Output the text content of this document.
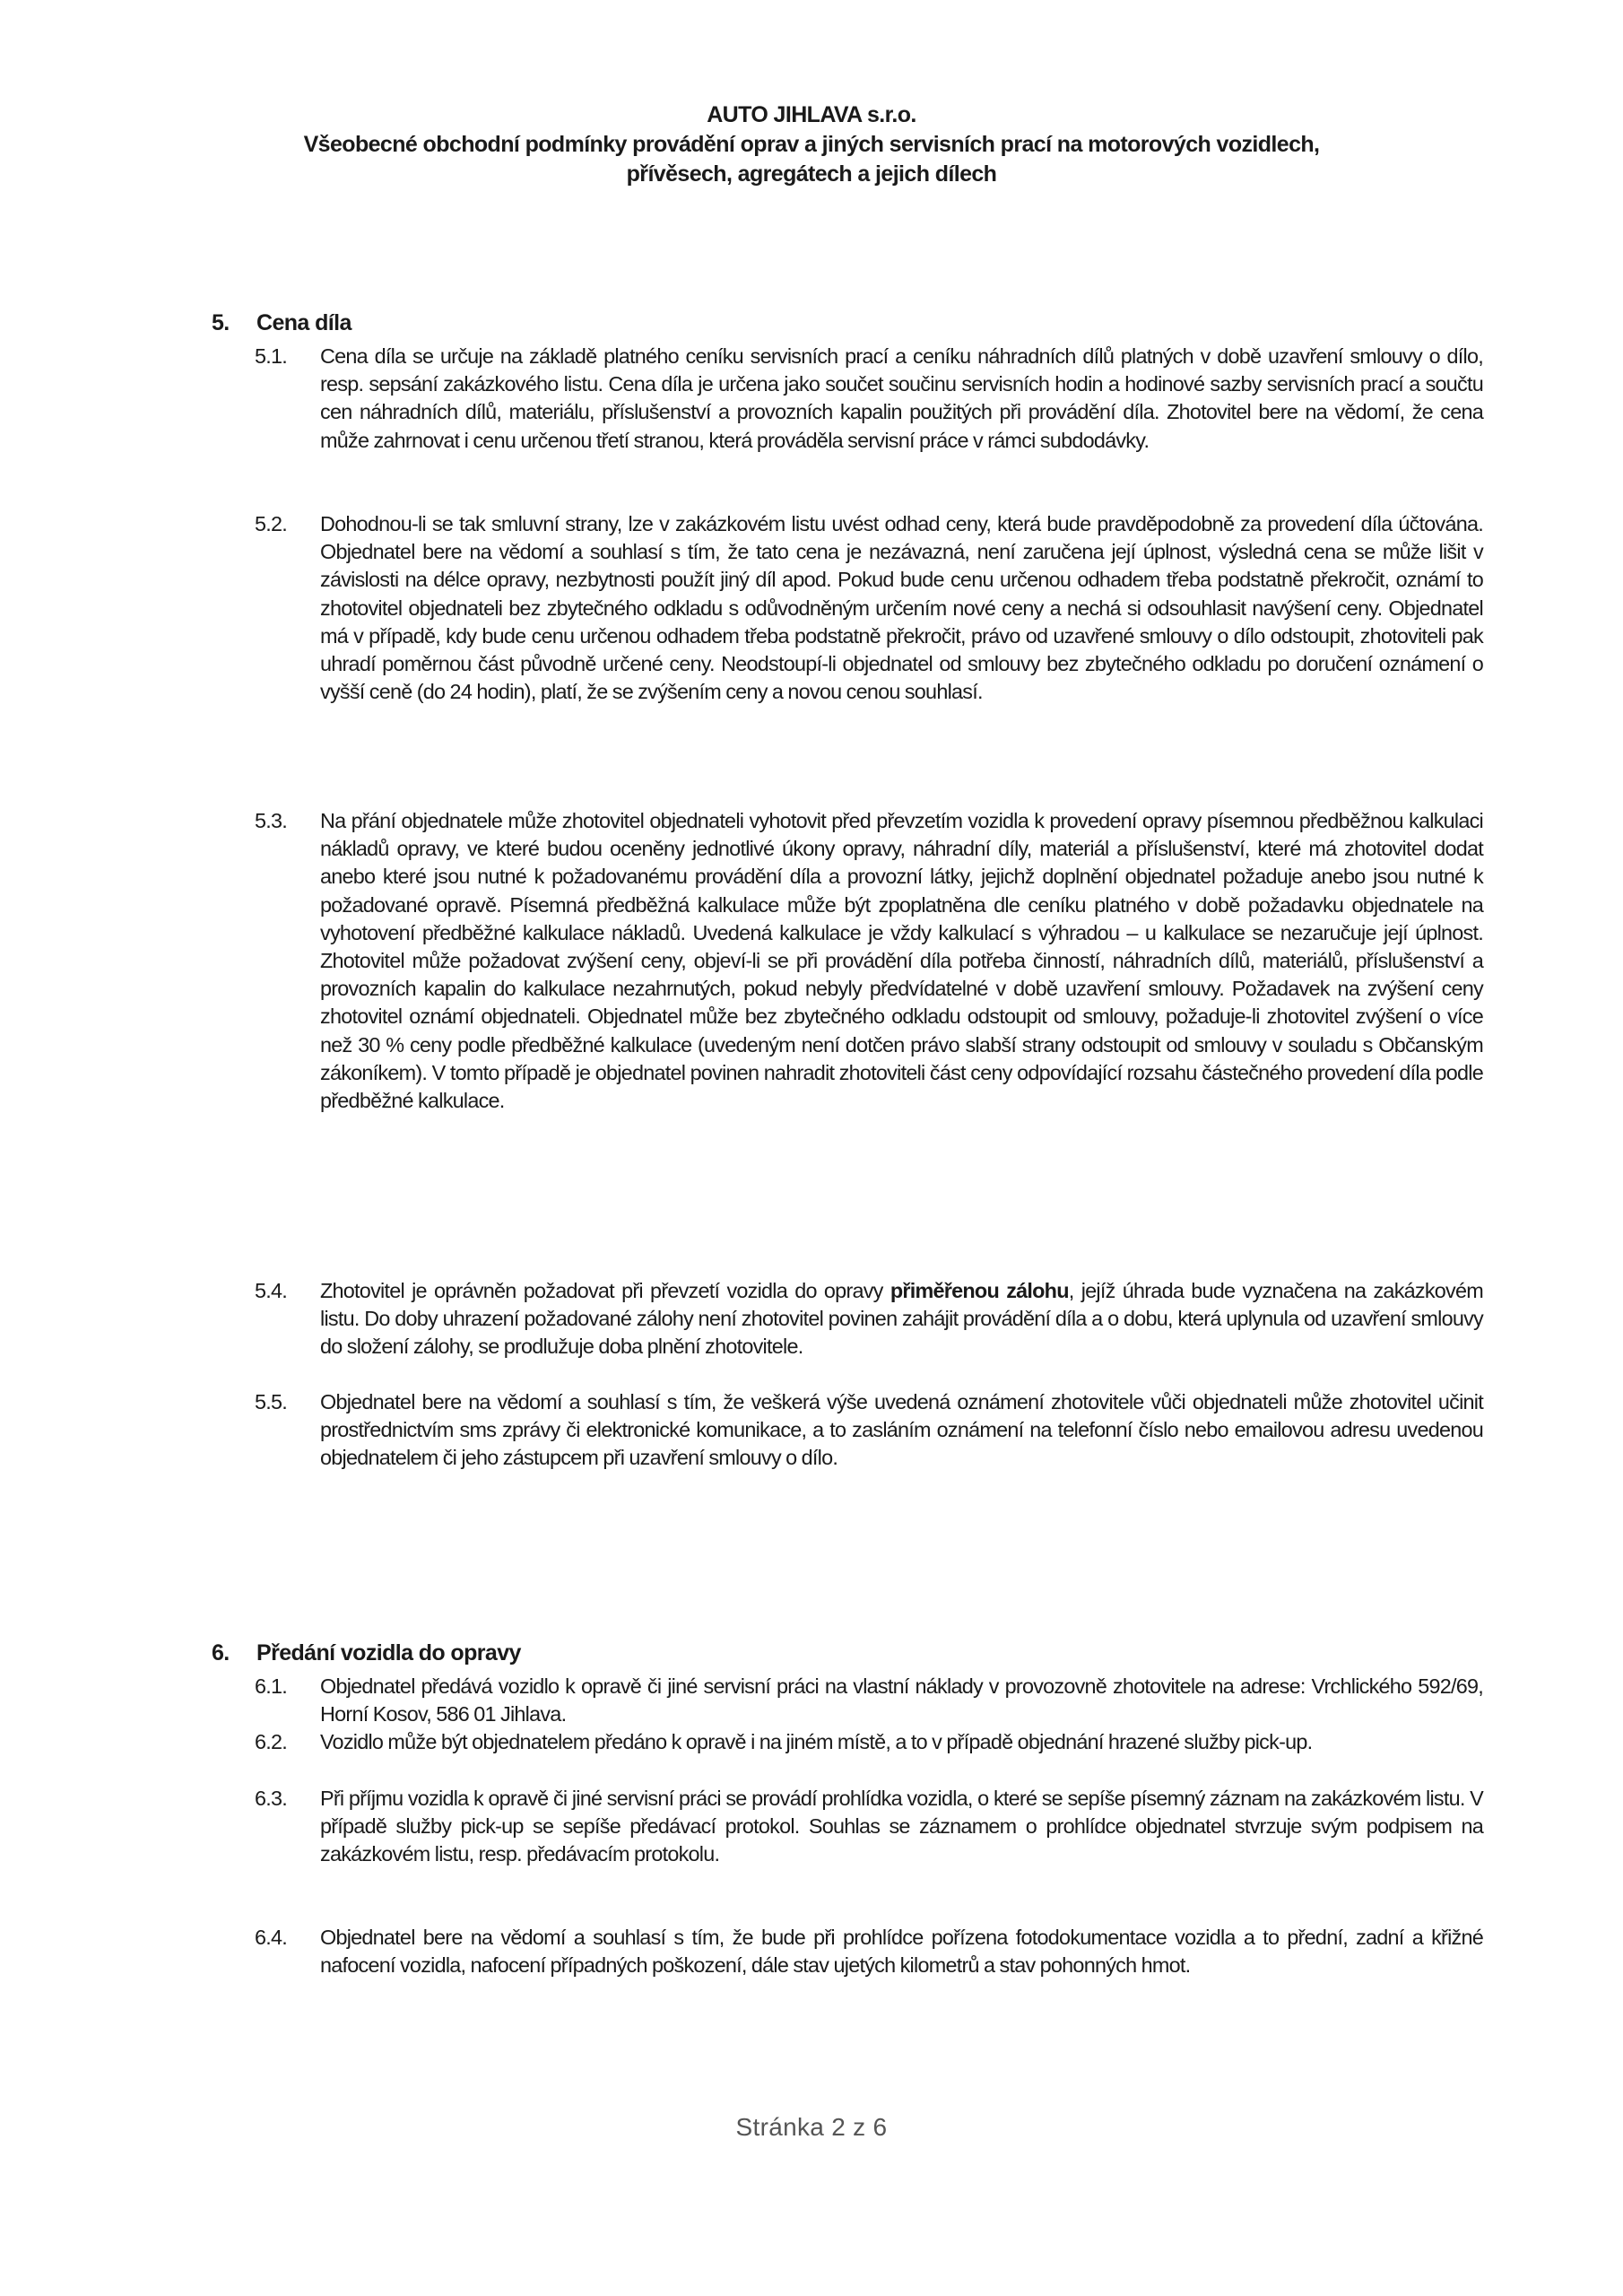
AUTO JIHLAVA s.r.o.
Všeobecné obchodní podmínky provádění oprav a jiných servisních prací na motorových vozidlech,
přívěsech, agregátech a jejich dílech
5. Cena díla
5.1. Cena díla se určuje na základě platného ceníku servisních prací a ceníku náhradních dílů platných v době uzavření smlouvy o dílo, resp. sepsání zakázkového listu. Cena díla je určena jako součet součinu servisních hodin a hodinové sazby servisních prací a součtu cen náhradních dílů, materiálu, příslušenství a provozních kapalin použitých při provádění díla. Zhotovitel bere na vědomí, že cena může zahrnovat i cenu určenou třetí stranou, která prováděla servisní práce v rámci subdodávky.
5.2. Dohodnou-li se tak smluvní strany, lze v zakázkovém listu uvést odhad ceny, která bude pravděpodobně za provedení díla účtována. Objednatel bere na vědomí a souhlasí s tím, že tato cena je nezávazná, není zaručena její úplnost, výsledná cena se může lišit v závislosti na délce opravy, nezbytnosti použít jiný díl apod. Pokud bude cenu určenou odhadem třeba podstatně překročit, oznámí to zhotovitel objednateli bez zbytečného odkladu s odůvodněným určením nové ceny a nechá si odsouhlasit navýšení ceny. Objednatel má v případě, kdy bude cenu určenou odhadem třeba podstatně překročit, právo od uzavřené smlouvy o dílo odstoupit, zhotoviteli pak uhradí poměrnou část původně určené ceny. Neodstoupí-li objednatel od smlouvy bez zbytečného odkladu po doručení oznámení o vyšší ceně (do 24 hodin), platí, že se zvýšením ceny a novou cenou souhlasí.
5.3. Na přání objednatele může zhotovitel objednateli vyhotovit před převzetím vozidla k provedení opravy písemnou předběžnou kalkulaci nákladů opravy, ve které budou oceněny jednotlivé úkony opravy, náhradní díly, materiál a příslušenství, které má zhotovitel dodat anebo které jsou nutné k požadovanému provádění díla a provozní látky, jejichž doplnění objednatel požaduje anebo jsou nutné k požadované opravě. Písemná předběžná kalkulace může být zpoplatněna dle ceníku platného v době požadavku objednatele na vyhotovení předběžné kalkulace nákladů. Uvedená kalkulace je vždy kalkulací s výhradou – u kalkulace se nezaručuje její úplnost. Zhotovitel může požadovat zvýšení ceny, objeví-li se při provádění díla potřeba činností, náhradních dílů, materiálů, příslušenství a provozních kapalin do kalkulace nezahrnutých, pokud nebyly předvídatelné v době uzavření smlouvy. Požadavek na zvýšení ceny zhotovitel oznámí objednateli. Objednatel může bez zbytečného odkladu odstoupit od smlouvy, požaduje-li zhotovitel zvýšení o více než 30 % ceny podle předběžné kalkulace (uvedeným není dotčen právo slabší strany odstoupit od smlouvy v souladu s Občanským zákoníkem). V tomto případě je objednatel povinen nahradit zhotoviteli část ceny odpovídající rozsahu částečného provedení díla podle předběžné kalkulace.
5.4. Zhotovitel je oprávněn požadovat při převzetí vozidla do opravy přiměřenou zálohu, jejíž úhrada bude vyznačena na zakázkovém listu. Do doby uhrazení požadované zálohy není zhotovitel povinen zahájit provádění díla a o dobu, která uplynula od uzavření smlouvy do složení zálohy, se prodlužuje doba plnění zhotovitele.
5.5. Objednatel bere na vědomí a souhlasí s tím, že veškerá výše uvedená oznámení zhotovitele vůči objednateli může zhotovitel učinit prostřednictvím sms zprávy či elektronické komunikace, a to zasláním oznámení na telefonní číslo nebo emailovou adresu uvedenou objednatelem či jeho zástupcem při uzavření smlouvy o dílo.
6. Předání vozidla do opravy
6.1. Objednatel předává vozidlo k opravě či jiné servisní práci na vlastní náklady v provozovně zhotovitele na adrese: Vrchlického 592/69, Horní Kosov, 586 01 Jihlava.
6.2. Vozidlo může být objednatelem předáno k opravě i na jiném místě, a to v případě objednání hrazené služby pick-up.
6.3. Při příjmu vozidla k opravě či jiné servisní práci se provádí prohlídka vozidla, o které se sepíše písemný záznam na zakázkovém listu. V případě služby pick-up se sepíše předávací protokol. Souhlas se záznamem o prohlídce objednatel stvrzuje svým podpisem na zakázkovém listu, resp. předávacím protokolu.
6.4. Objednatel bere na vědomí a souhlasí s tím, že bude při prohlídce pořízena fotodokumentace vozidla a to přední, zadní a křižné nafocení vozidla, nafocení případných poškození, dále stav ujetých kilometrů a stav pohonných hmot.
Stránka 2 z 6
